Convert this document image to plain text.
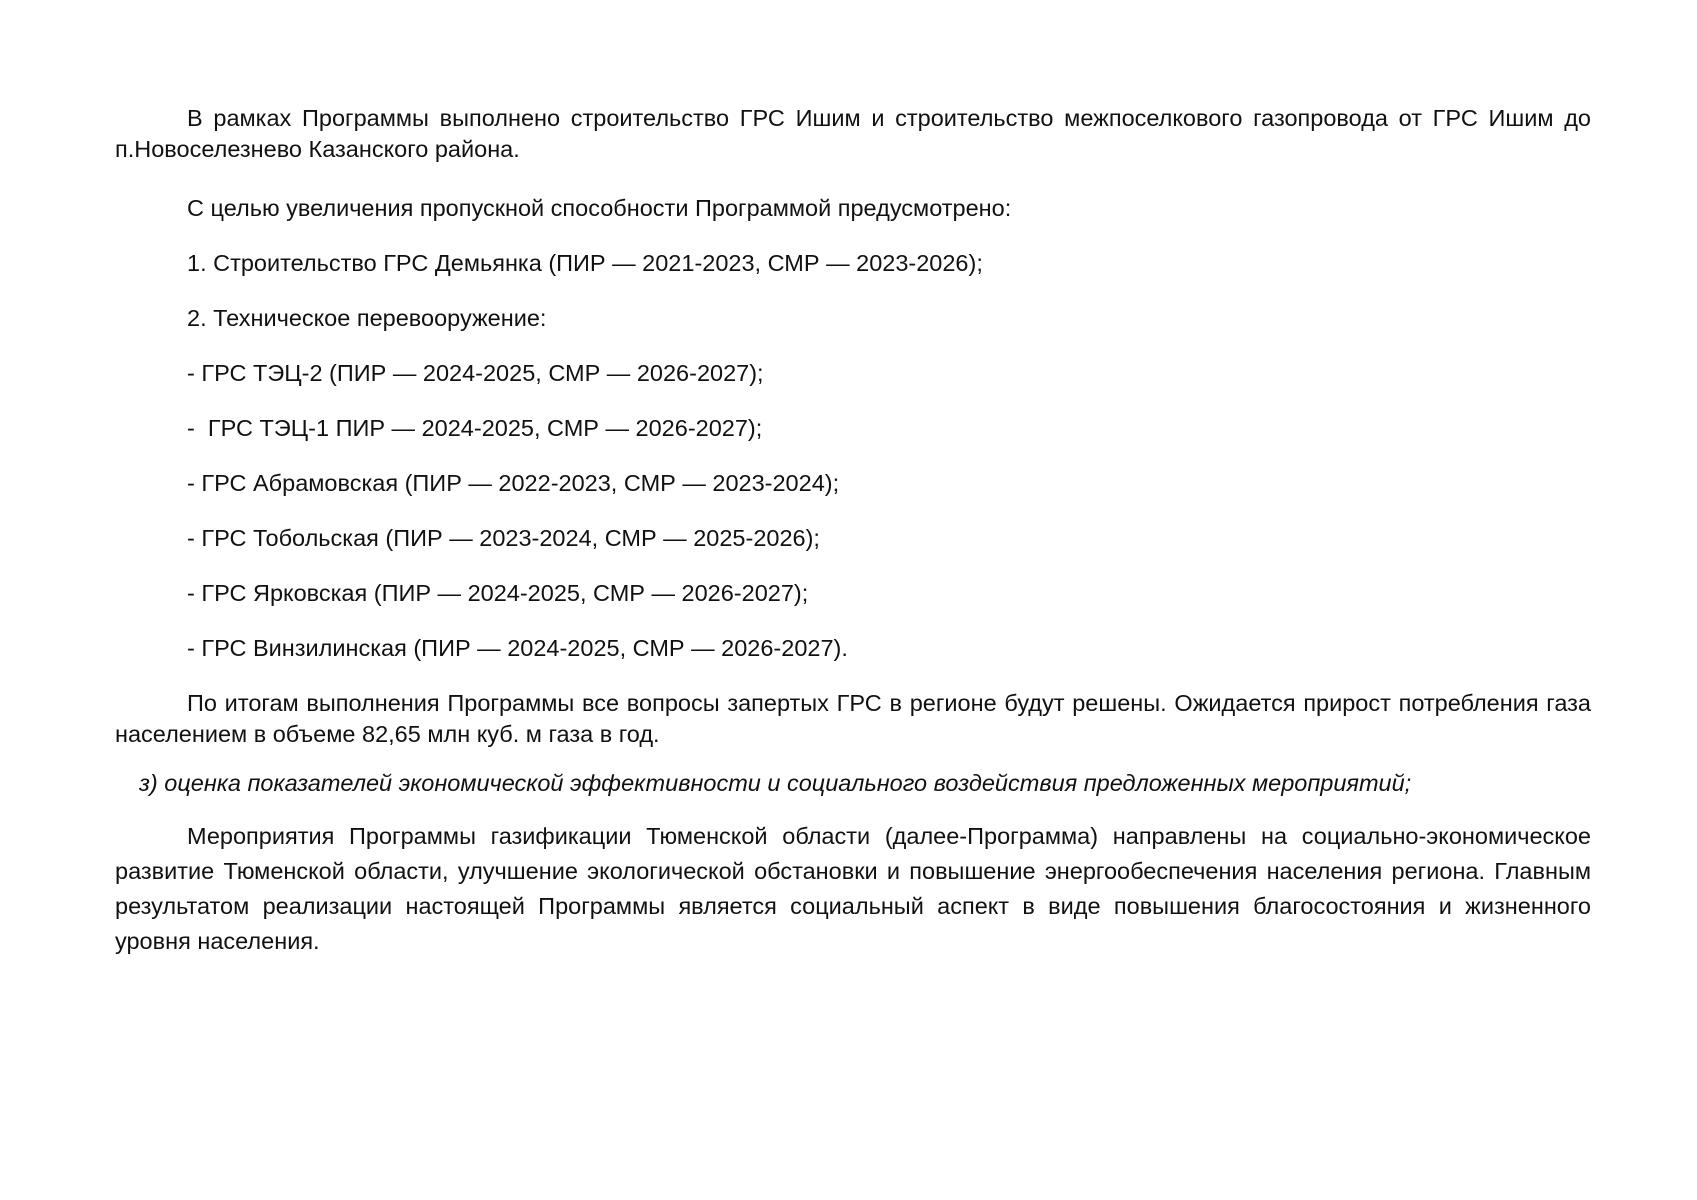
В рамках Программы выполнено строительство ГРС Ишим и строительство межпоселкового газопровода от ГРС Ишим до п.Новоселезнево Казанского района.

С целью увеличения пропускной способности Программой предусмотрено:

1. Строительство ГРС Демьянка (ПИР — 2021-2023, СМР — 2023-2026);

2. Техническое перевооружение:

- ГРС ТЭЦ-2 (ПИР — 2024-2025, СМР — 2026-2027);

-  ГРС ТЭЦ-1 ПИР — 2024-2025, СМР — 2026-2027);

- ГРС Абрамовская (ПИР — 2022-2023, СМР — 2023-2024);

- ГРС Тобольская (ПИР — 2023-2024, СМР — 2025-2026);

- ГРС Ярковская (ПИР — 2024-2025, СМР — 2026-2027);

- ГРС Винзилинская (ПИР — 2024-2025, СМР — 2026-2027).

По итогам выполнения Программы все вопросы запертых ГРС в регионе будут решены. Ожидается прирост потребления газа населением в объеме 82,65 млн куб. м газа в год.

з) оценка показателей экономической эффективности и социального воздействия предложенных мероприятий;

Мероприятия Программы газификации Тюменской области (далее-Программа) направлены на социально-экономическое развитие Тюменской области, улучшение экологической обстановки и повышение энергообеспечения населения региона. Главным результатом реализации настоящей Программы является социальный аспект в виде повышения благосостояния и жизненного уровня населения.
